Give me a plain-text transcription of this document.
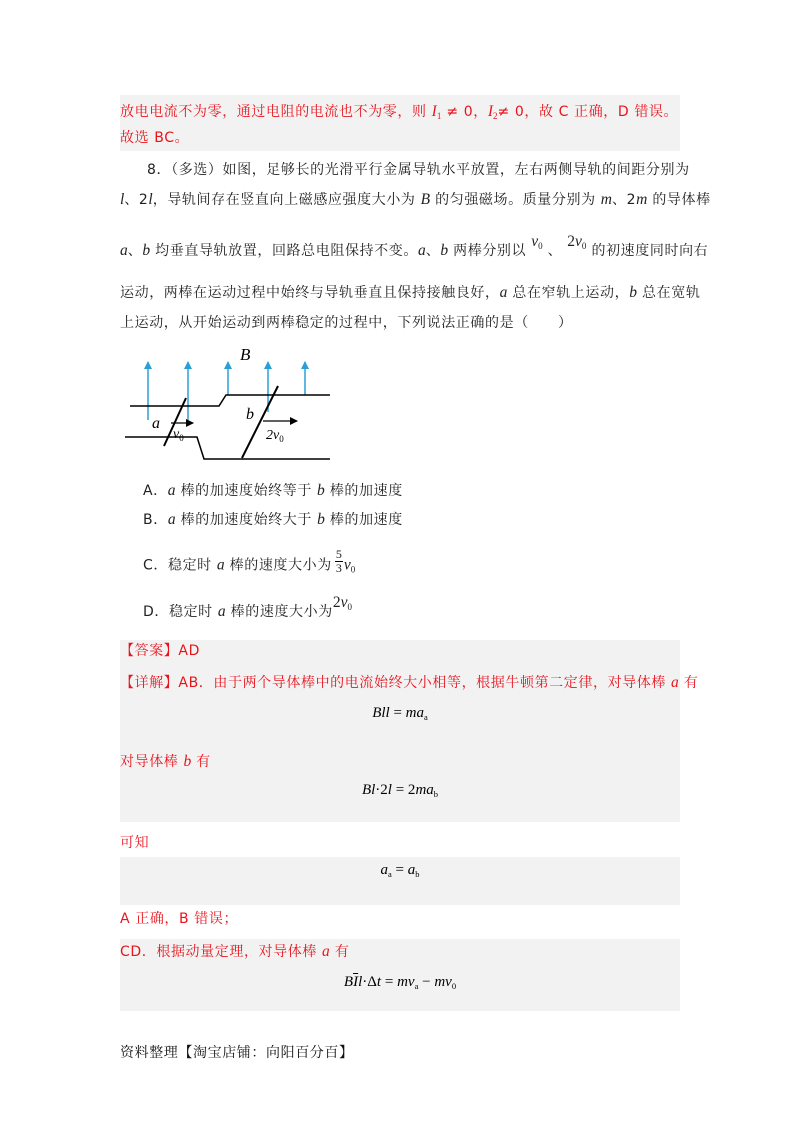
放电电流不为零，通过电阻的电流也不为零，则 $I_1 \ne 0$，$I_2\ne 0$，故 C 正确，D 错误。
故选 BC。
8．（多选）如图，足够长的光滑平行金属导轨水平放置，左右两侧导轨的间距分别为
l、2l，导轨间存在竖直向上磁感应强度大小为 B 的匀强磁场。质量分别为 m、2m 的导体棒
a、b 均垂直导轨放置，回路总电阻保持不变。a、b 两棒分别以 $v_0$ 、 $2v_0$ 的初速度同时向右
运动，两棒在运动过程中始终与导轨垂直且保持接触良好，a 总在窄轨上运动，b 总在宽轨
上运动，从开始运动到两棒稳定的过程中，下列说法正确的是（　　）
B
a
$v_0$
b
$2v_0$
A．a 棒的加速度始终等于 b 棒的加速度
B．a 棒的加速度始终大于 b 棒的加速度
C．稳定时 a 棒的速度大小为 $\frac{5}{3} v_0$
D．稳定时 a 棒的速度大小为$2v_0$
【答案】AD
【详解】AB．由于两个导体棒中的电流始终大小相等，根据牛顿第二定律，对导体棒 a 有
Bll = $ma_a$
对导体棒 b 有
$Bl\cdot 2l = 2ma_b$
可知
$a_a = a_b$
A 正确，B 错误；
CD．根据动量定理，对导体棒 a 有
$B\overline{I}l\cdot\Delta t = mv_a - mv_0$
资料整理【淘宝店铺：向阳百分百】
